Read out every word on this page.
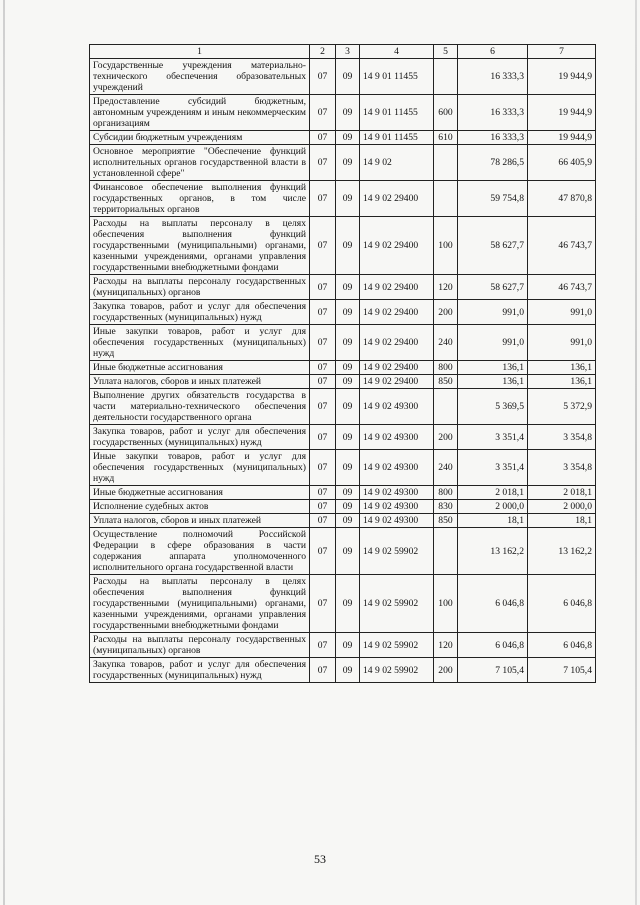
1	2	3	4	5	6	7
Государственные учреждения материально-технического обеспечения образовательных учреждений	07	09	14 9 01 11455		16 333,3	19 944,9
Предоставление субсидий бюджетным, автономным учреждениям и иным некоммерческим организациям	07	09	14 9 01 11455	600	16 333,3	19 944,9
Субсидии бюджетным учреждениям	07	09	14 9 01 11455	610	16 333,3	19 944,9
Основное мероприятие "Обеспечение функций исполнительных органов государственной власти в установленной сфере"	07	09	14 9 02		78 286,5	66 405,9
Финансовое обеспечение выполнения функций государственных органов, в том числе территориальных органов	07	09	14 9 02 29400		59 754,8	47 870,8
Расходы на выплаты персоналу в целях обеспечения выполнения функций государственными (муниципальными) органами, казенными учреждениями, органами управления государственными внебюджетными фондами	07	09	14 9 02 29400	100	58 627,7	46 743,7
Расходы на выплаты персоналу государственных (муниципальных) органов	07	09	14 9 02 29400	120	58 627,7	46 743,7
Закупка товаров, работ и услуг для обеспечения государственных (муниципальных) нужд	07	09	14 9 02 29400	200	991,0	991,0
Иные закупки товаров, работ и услуг для обеспечения государственных (муниципальных) нужд	07	09	14 9 02 29400	240	991,0	991,0
Иные бюджетные ассигнования	07	09	14 9 02 29400	800	136,1	136,1
Уплата налогов, сборов и иных платежей	07	09	14 9 02 29400	850	136,1	136,1
Выполнение других обязательств государства в части материально-технического обеспечения деятельности государственного органа	07	09	14 9 02 49300		5 369,5	5 372,9
Закупка товаров, работ и услуг для обеспечения государственных (муниципальных) нужд	07	09	14 9 02 49300	200	3 351,4	3 354,8
Иные закупки товаров, работ и услуг для обеспечения государственных (муниципальных) нужд	07	09	14 9 02 49300	240	3 351,4	3 354,8
Иные бюджетные ассигнования	07	09	14 9 02 49300	800	2 018,1	2 018,1
Исполнение судебных актов	07	09	14 9 02 49300	830	2 000,0	2 000,0
Уплата налогов, сборов и иных платежей	07	09	14 9 02 49300	850	18,1	18,1
Осуществление полномочий Российской Федерации в сфере образования в части содержания аппарата уполномоченного исполнительного органа государственной власти	07	09	14 9 02 59902		13 162,2	13 162,2
Расходы на выплаты персоналу в целях обеспечения выполнения функций государственными (муниципальными) органами, казенными учреждениями, органами управления государственными внебюджетными фондами	07	09	14 9 02 59902	100	6 046,8	6 046,8
Расходы на выплаты персоналу государственных (муниципальных) органов	07	09	14 9 02 59902	120	6 046,8	6 046,8
Закупка товаров, работ и услуг для обеспечения государственных (муниципальных) нужд	07	09	14 9 02 59902	200	7 105,4	7 105,4
53
